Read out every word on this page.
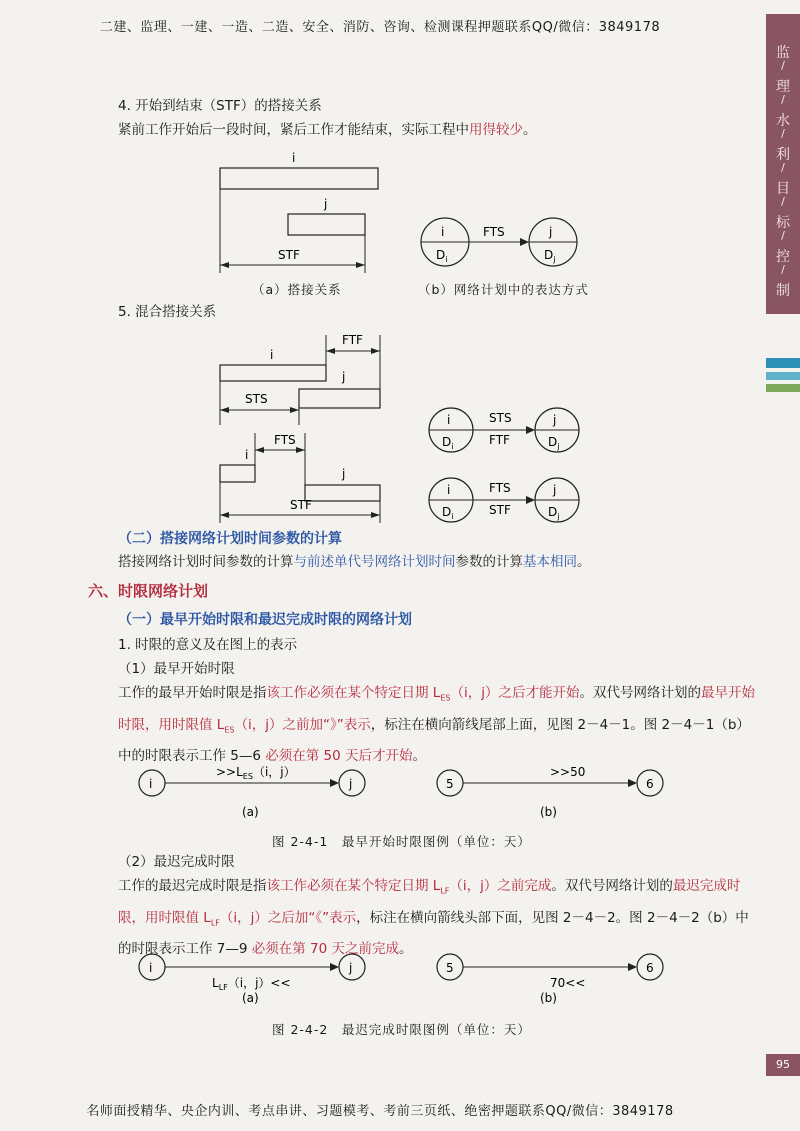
二建、监理、一建、一造、二造、安全、消防、咨询、检测课程押题联系QQ/微信：3849178
名师面授精华、央企内训、考点串讲、习题模考、考前三页纸、绝密押题联系QQ/微信：3849178
监
/
理
/
水
/
利
/
目
/
标
/
控
/
制
95
4. 开始到结束（STF）的搭接关系
紧前工作开始后一段时间，紧后工作才能结束，实际工程中用得较少。
i
j
STF
i
$D_i$
j
$D_j$
FTS
（a）搭接关系	（b）网络计划中的表达方式
5. 混合搭接关系
FTF
i
j
STS
i
$D_i$
j
$D_j$
STS
FTF
FTS
i
j
STF
i
$D_i$
j
$D_j$
FTS
STF
（二）搭接网络计划时间参数的计算
搭接网络计划时间参数的计算与前述单代号网络计划时间参数的计算基本相同。
六、时限网络计划
（一）最早开始时限和最迟完成时限的网络计划
1. 时限的意义及在图上的表示
（1）最早开始时限
工作的最早开始时限是指该工作必须在某个特定日期 $L_{ES}(i$，j）之后才能开始。双代号网络计划的最早开始时限，用时限值 $L_{ES}(i$，j）之前加“》”表示，标注在横向箭线尾部上面，见图 2－4－1。图 2－4－1（b）中的时限表示工作 5—6 必须在第 50 天后才开始。
i	j
$>>L_{ES}(i$，j）
(a)
5	6
>>50
(b)
图 2-4-1　最早开始时限图例（单位：天）
（2）最迟完成时限
工作的最迟完成时限是指该工作必须在某个特定日期 $L_{LF}(i$，j）之前完成。双代号网络计划的最迟完成时限，用时限值 $L_{LF}(i$，j）之后加“《”表示，标注在横向箭线头部下面，见图 2－4－2。图 2－4－2（b）中的时限表示工作 7—9 必须在第 70 天之前完成。
i	j
$L_{LF}(i$，j）<<
(a)
5	6
70<<
(b)
图 2-4-2　最迟完成时限图例（单位：天）
